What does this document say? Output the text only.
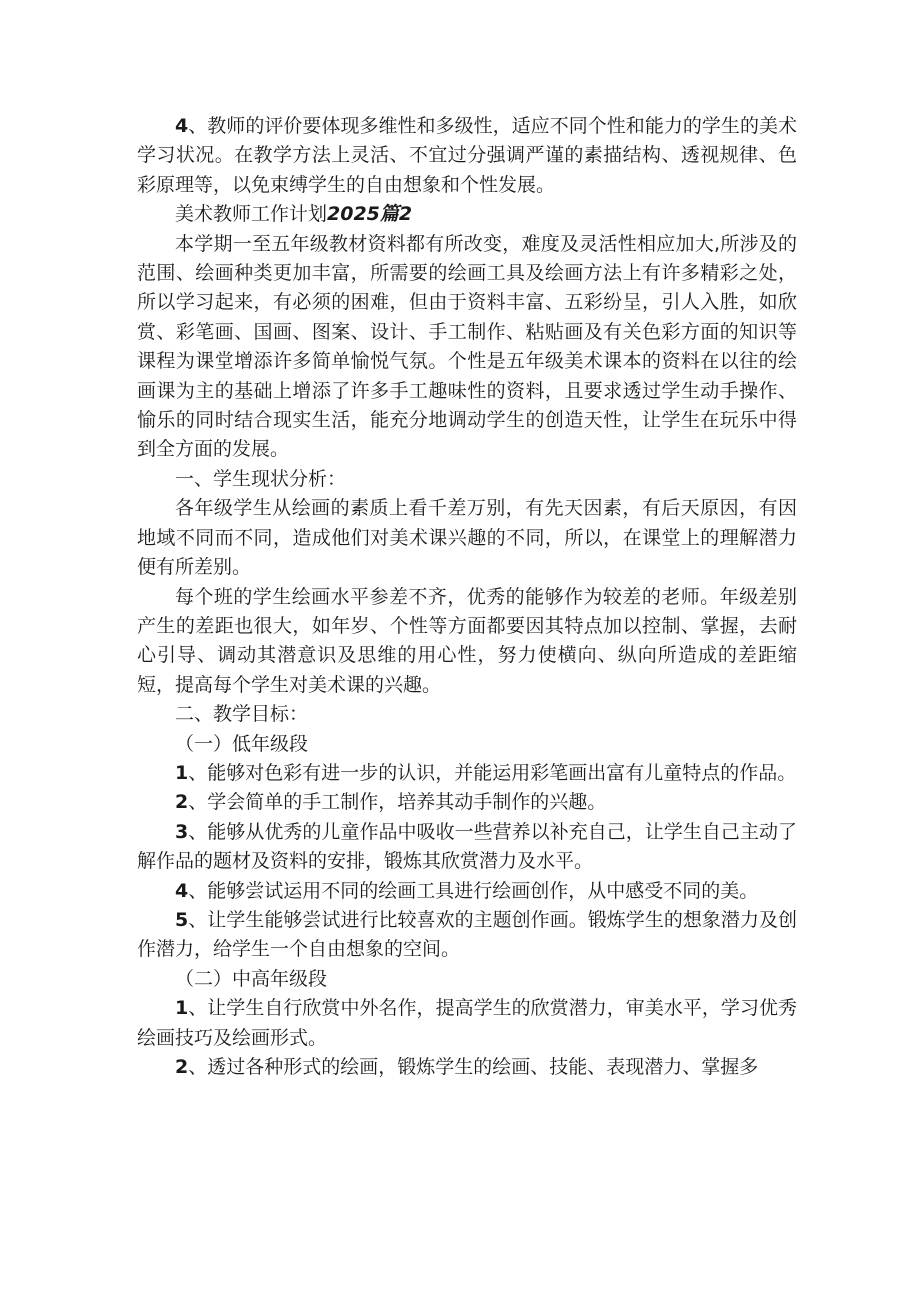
4、教师的评价要体现多维性和多级性，适应不同个性和能力的学生的美术学习状况。在教学方法上灵活、不宜过分强调严谨的素描结构、透视规律、色彩原理等，以免束缚学生的自由想象和个性发展。

美术教师工作计划2025篇2

本学期一至五年级教材资料都有所改变，难度及灵活性相应加大,所涉及的范围、绘画种类更加丰富，所需要的绘画工具及绘画方法上有许多精彩之处，所以学习起来，有必须的困难，但由于资料丰富、五彩纷呈，引人入胜，如欣赏、彩笔画、国画、图案、设计、手工制作、粘贴画及有关色彩方面的知识等课程为课堂增添许多简单愉悦气氛。个性是五年级美术课本的资料在以往的绘画课为主的基础上增添了许多手工趣味性的资料，且要求透过学生动手操作、愉乐的同时结合现实生活，能充分地调动学生的创造天性，让学生在玩乐中得到全方面的发展。

一、学生现状分析：

各年级学生从绘画的素质上看千差万别，有先天因素，有后天原因，有因地域不同而不同，造成他们对美术课兴趣的不同，所以，在课堂上的理解潜力便有所差别。

每个班的学生绘画水平参差不齐，优秀的能够作为较差的老师。年级差别产生的差距也很大，如年岁、个性等方面都要因其特点加以控制、掌握，去耐心引导、调动其潜意识及思维的用心性，努力使横向、纵向所造成的差距缩短，提高每个学生对美术课的兴趣。

二、教学目标：

（一）低年级段

1、能够对色彩有进一步的认识，并能运用彩笔画出富有儿童特点的作品。

2、学会简单的手工制作，培养其动手制作的兴趣。

3、能够从优秀的儿童作品中吸收一些营养以补充自己，让学生自己主动了解作品的题材及资料的安排，锻炼其欣赏潜力及水平。

4、能够尝试运用不同的绘画工具进行绘画创作，从中感受不同的美。

5、让学生能够尝试进行比较喜欢的主题创作画。锻炼学生的想象潜力及创作潜力，给学生一个自由想象的空间。

（二）中高年级段

1、让学生自行欣赏中外名作，提高学生的欣赏潜力，审美水平，学习优秀绘画技巧及绘画形式。

2、透过各种形式的绘画，锻炼学生的绘画、技能、表现潜力、掌握多
